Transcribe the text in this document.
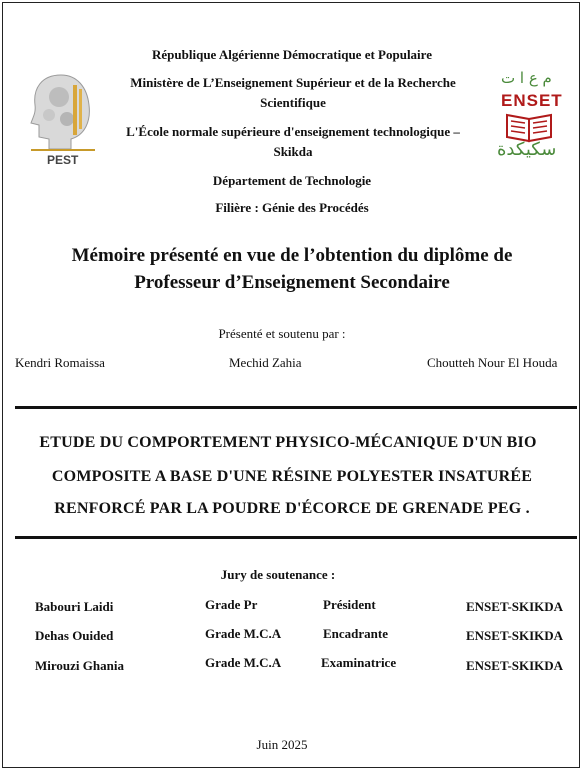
PEST
م ع ا ت
ENSET
سكيكدة
République Algérienne Démocratique et Populaire
Ministère de L’Enseignement Supérieur et de la Recherche
Scientifique
L'École normale supérieure d'enseignement technologique –
Skikda
Département de Technologie
Filière : Génie des Procédés
Mémoire présenté en vue de l’obtention du diplôme de
Professeur d’Enseignement Secondaire
Présenté et soutenu par :
Kendri Romaissa	Mechid Zahia	Choutteh Nour El Houda
ETUDE DU COMPORTEMENT PHYSICO-MÉCANIQUE D'UN BIO
COMPOSITE A BASE D'UNE RÉSINE POLYESTER INSATURÉE
RENFORCÉ PAR LA POUDRE D'ÉCORCE DE GRENADE PEG .
Jury de soutenance :
Babouri Laidi	Grade Pr	Président	ENSET-SKIKDA
Dehas Ouided	Grade M.C.A	Encadrante	ENSET-SKIKDA
Mirouzi Ghania	Grade M.C.A	Examinatrice	ENSET-SKIKDA
Juin 2025
